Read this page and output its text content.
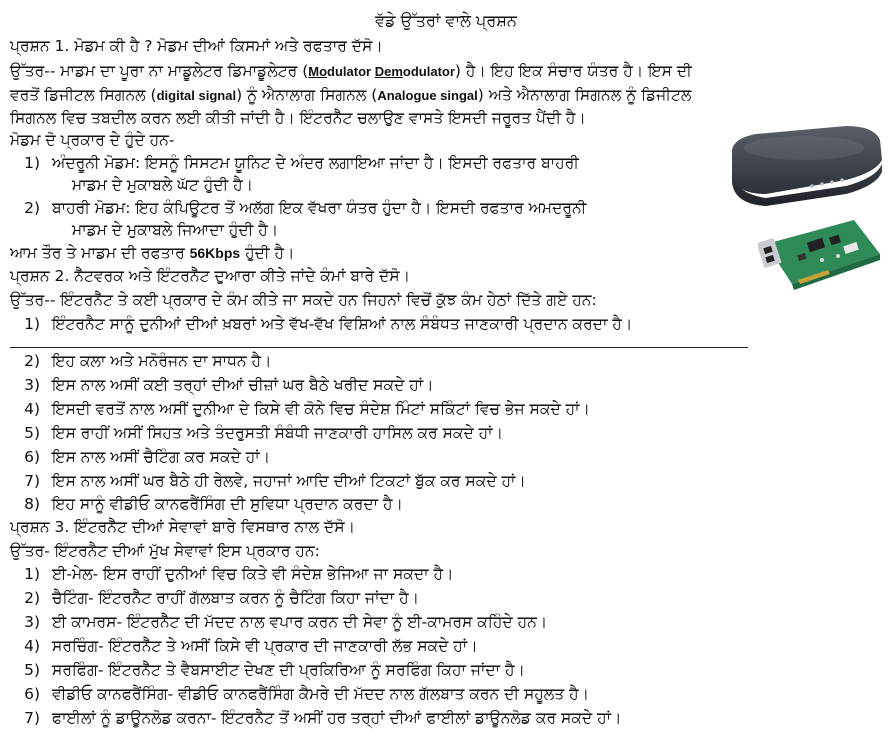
ਵੱਡੇ ਉੱਤਰਾਂ ਵਾਲੇ ਪ੍ਰਸ਼ਨ
ਪ੍ਰਸ਼ਨ 1. ਮੋਡਮ ਕੀ ਹੈ ? ਮੋਡਮ ਦੀਆਂ ਕਿਸਮਾਂ ਅਤੇ ਰਫਤਾਰ ਦੱਸੋ।
ਉੱਤਰ-- ਮਾਡਮ ਦਾ ਪੂਰਾ ਨਾ ਮਾਡੂਲੇਟਰ ਡਿਮਾਡੂਲੇਟਰ (Modulator Demodulator) ਹੈ। ਇਹ ਇਕ ਸੰਚਾਰ ਯੰਤਰ ਹੈ। ਇਸ ਦੀ
ਵਰਤੋਂ ਡਿਜੀਟਲ ਸਿਗਨਲ (digital signal) ਨੂੰ ਐਨਾਲਾਗ ਸਿਗਨਲ (Analogue singal) ਅਤੇ ਐਨਾਲਾਗ ਸਿਗਨਲ ਨੂੰ ਡਿਜੀਟਲ
ਸਿਗਨਲ ਵਿਚ ਤਬਦੀਲ ਕਰਨ ਲਈ ਕੀਤੀ ਜਾਂਦੀ ਹੈ। ਇੰਟਰਨੈੱਟ ਚਲਾਉਣ ਵਾਸਤੇ ਇਸਦੀ ਜਰੂਰਤ ਪੈਂਦੀ ਹੈ।
ਮੋਡਮ ਦੋ ਪ੍ਰਕਾਰ ਦੇ ਹੁੰਦੇ ਹਨ-
1) ਅੰਦਰੂਨੀ ਮੋਡਮ: ਇਸਨੂੰ ਸਿਸਟਮ ਯੂਨਿਟ ਦੇ ਅੰਦਰ ਲਗਾਇਆ ਜਾਂਦਾ ਹੈ। ਇਸਦੀ ਰਫਤਾਰ ਬਾਹਰੀ
ਮਾਡਮ ਦੇ ਮੁਕਾਬਲੇ ਘੱਟ ਹੁੰਦੀ ਹੈ।
2) ਬਾਹਰੀ ਮੋਡਮ: ਇਹ ਕੰਪਿਊਟਰ ਤੋਂ ਅਲੱਗ ਇਕ ਵੱਖਰਾ ਯੰਤਰ ਹੁੰਦਾ ਹੈ। ਇਸਦੀ ਰਫਤਾਰ ਅਮਦਰੂਨੀ
ਮਾਡਮ ਦੇ ਮੁਕਾਬਲੇ ਜਿਆਦਾ ਹੁੰਦੀ ਹੈ।
ਆਮ ਤੌਰ ਤੇ ਮਾਡਮ ਦੀ ਰਫਤਾਰ 56Kbps ਹੁੰਦੀ ਹੈ।
ਪ੍ਰਸ਼ਨ 2. ਨੈੱਟਵਰਕ ਅਤੇ ਇੰਟਰਨੈੱਟ ਦੁਆਰਾ ਕੀਤੇ ਜਾਂਦੇ ਕੰਮਾਂ ਬਾਰੇ ਦੱਸੋ।
ਉੱਤਰ-- ਇੰਟਰਨੈੱਟ ਤੇ ਕਈ ਪ੍ਰਕਾਰ ਦੇ ਕੰਮ ਕੀਤੇ ਜਾ ਸਕਦੇ ਹਨ ਜਿਹਨਾਂ ਵਿਚੋਂ ਕੁੱਝ ਕੰਮ ਹੇਠਾਂ ਦਿੱਤੇ ਗਏ ਹਨ:
1) ਇੰਟਰਨੈਟ ਸਾਨੂੰ ਦੁਨੀਆਂ ਦੀਆਂ ਖ਼ਬਰਾਂ ਅਤੇ ਵੱਖ-ਵੱਖ ਵਿਸ਼ਿਆਂ ਨਾਲ ਸੰਬੰਧਤ ਜਾਣਕਾਰੀ ਪ੍ਰਦਾਨ ਕਰਦਾ ਹੈ।
2) ਇਹ ਕਲਾ ਅਤੇ ਮਨੋਰੰਜਨ ਦਾ ਸਾਧਨ ਹੈ।
3) ਇਸ ਨਾਲ ਅਸੀਂ ਕਈ ਤਰ੍ਹਾਂ ਦੀਆਂ ਚੀਜ਼ਾਂ ਘਰ ਬੈਠੇ ਖਰੀਦ ਸਕਦੇ ਹਾਂ।
4) ਇਸਦੀ ਵਰਤੋਂ ਨਾਲ ਅਸੀਂ ਦੁਨੀਆ ਦੇ ਕਿਸੇ ਵੀ ਕੋਨੇ ਵਿਚ ਸੰਦੇਸ਼ ਮਿੰਟਾਂ ਸਕਿੰਟਾਂ ਵਿਚ ਭੇਜ ਸਕਦੇ ਹਾਂ।
5) ਇਸ ਰਾਹੀਂ ਅਸੀਂ ਸਿਹਤ ਅਤੇ ਤੰਦਰੁਸਤੀ ਸੰਬੰਧੀ ਜਾਣਕਾਰੀ ਹਾਸਿਲ ਕਰ ਸਕਦੇ ਹਾਂ।
6) ਇਸ ਨਾਲ ਅਸੀਂ ਚੈਟਿੰਗ ਕਰ ਸਕਦੇ ਹਾਂ।
7) ਇਸ ਨਾਲ ਅਸੀਂ ਘਰ ਬੈਠੇ ਹੀ ਰੇਲਵੇ, ਜਹਾਜਾਂ ਆਦਿ ਦੀਆਂ ਟਿਕਟਾਂ ਬੁੱਕ ਕਰ ਸਕਦੇ ਹਾਂ।
8) ਇਹ ਸਾਨੂੰ ਵੀਡੀਓ ਕਾਨਫਰੈਂਸਿੰਗ ਦੀ ਸੁਵਿਧਾ ਪ੍ਰਦਾਨ ਕਰਦਾ ਹੈ।
ਪ੍ਰਸ਼ਨ 3. ਇੰਟਰਨੈੱਟ ਦੀਆਂ ਸੇਵਾਵਾਂ ਬਾਰੇ ਵਿਸਥਾਰ ਨਾਲ ਦੱਸੋ।
ਉੱਤਰ- ਇੰਟਰਨੈਟ ਦੀਆਂ ਮੁੱਖ ਸੇਵਾਵਾਂ ਇਸ ਪ੍ਰਕਾਰ ਹਨ:
1) ਈ-ਮੇਲ- ਇਸ ਰਾਹੀਂ ਦੁਨੀਆਂ ਵਿਚ ਕਿਤੇ ਵੀ ਸੰਦੇਸ਼ ਭੇਜਿਆ ਜਾ ਸਕਦਾ ਹੈ।
2) ਚੈਟਿੰਗ- ਇੰਟਰਨੈੱਟ ਰਾਹੀਂ ਗੱਲਬਾਤ ਕਰਨ ਨੂੰ ਚੈਟਿੰਗ ਕਿਹਾ ਜਾਂਦਾ ਹੈ।
3) ਈ ਕਾਮਰਸ- ਇੰਟਰਨੈੱਟ ਦੀ ਮੱਦਦ ਨਾਲ ਵਪਾਰ ਕਰਨ ਦੀ ਸੇਵਾ ਨੂੰ ਈ-ਕਾਮਰਸ ਕਹਿੰਦੇ ਹਨ।
4) ਸਰਚਿੰਗ- ਇੰਟਰਨੈੱਟ ਤੇ ਅਸੀਂ ਕਿਸੇ ਵੀ ਪ੍ਰਕਾਰ ਦੀ ਜਾਣਕਾਰੀ ਲੱਭ ਸਕਦੇ ਹਾਂ।
5) ਸਰਫਿੰਗ- ਇੰਟਰਨੈੱਟ ਤੇ ਵੈਬਸਾਈਟ ਦੇਖਣ ਦੀ ਪ੍ਰਕਿਰਿਆ ਨੂੰ ਸਰਫਿੰਗ ਕਿਹਾ ਜਾਂਦਾ ਹੈ।
6) ਵੀਡੀਓ ਕਾਨਫਰੈਂਸਿੰਗ- ਵੀਡੀਓ ਕਾਨਫਰੈਂਸਿੰਗ ਕੈਮਰੇ ਦੀ ਮੱਦਦ ਨਾਲ ਗੱਲਬਾਤ ਕਰਨ ਦੀ ਸਹੂਲਤ ਹੈ।
7) ਫਾਈਲਾਂ ਨੂੰ ਡਾਊਨਲੋਡ ਕਰਨਾ- ਇੰਟਰਨੈਟ ਤੋਂ ਅਸੀਂ ਹਰ ਤਰ੍ਹਾਂ ਦੀਆਂ ਫਾਈਲਾਂ ਡਾਊਨਲੋਡ ਕਰ ਸਕਦੇ ਹਾਂ।
